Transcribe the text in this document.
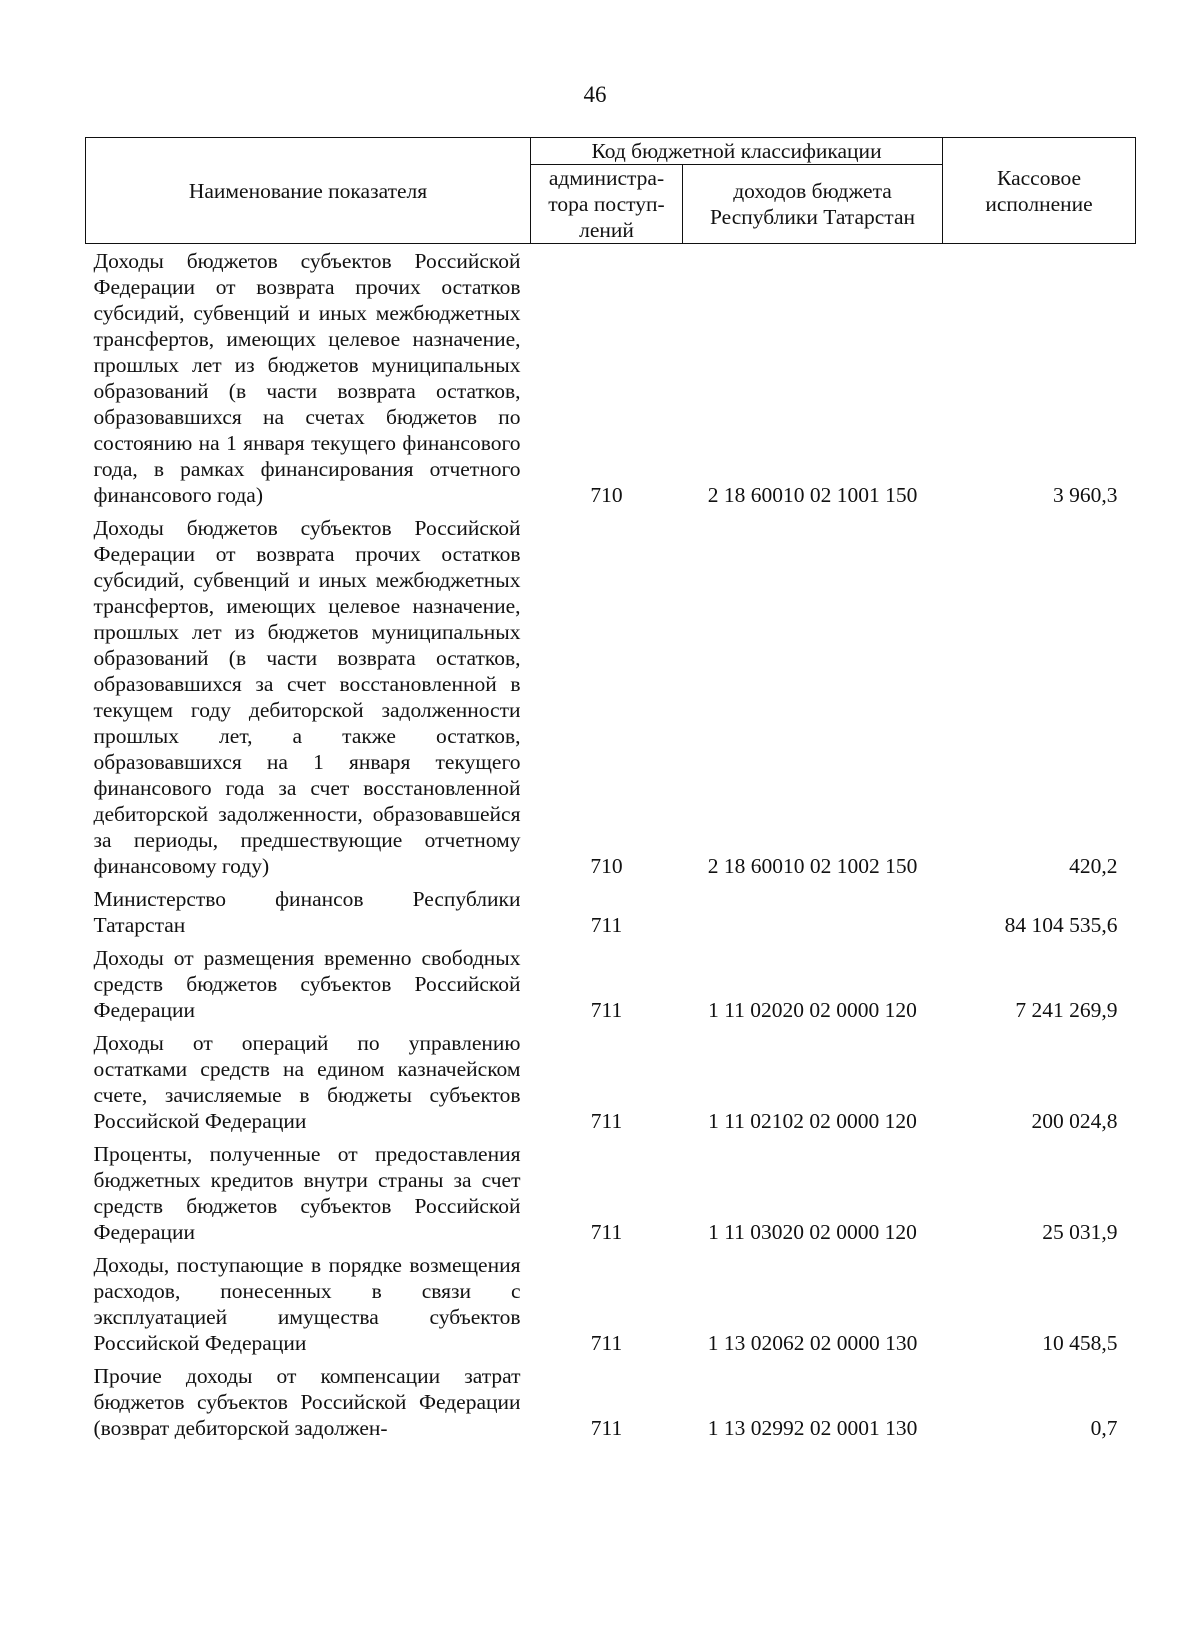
46
Наименование показателя	Код бюджетной классификации		Кассовое исполнение
	администра-тора поступ-лений	доходов бюджета Республики Татарстан	
Доходы бюджетов субъектов Российской Федерации от возврата прочих остатков субсидий, субвенций и иных межбюджетных трансфертов, имеющих целевое назначение, прошлых лет из бюджетов муниципальных образований (в части возврата остатков, образовавшихся на счетах бюджетов по состоянию на 1 января текущего финансового года, в рамках финансирования отчетного финансового года)	710	2 18 60010 02 1001 150	3 960,3
Доходы бюджетов субъектов Российской Федерации от возврата прочих остатков субсидий, субвенций и иных межбюджетных трансфертов, имеющих целевое назначение, прошлых лет из бюджетов муниципальных образований (в части возврата остатков, образовавшихся за счет восстановленной в текущем году дебиторской задолженности прошлых лет, а также остатков, образовавшихся на 1 января текущего финансового года за счет восстановленной дебиторской задолженности, образовавшейся за периоды, предшествующие отчетному финансовому году)	710	2 18 60010 02 1002 150	420,2
Министерство финансов Республики Татарстан	711		84 104 535,6
Доходы от размещения временно свободных средств бюджетов субъектов Российской Федерации	711	1 11 02020 02 0000 120	7 241 269,9
Доходы от операций по управлению остатками средств на едином казначейском счете, зачисляемые в бюджеты субъектов Российской Федерации	711	1 11 02102 02 0000 120	200 024,8
Проценты, полученные от предоставления бюджетных кредитов внутри страны за счет средств бюджетов субъектов Российской Федерации	711	1 11 03020 02 0000 120	25 031,9
Доходы, поступающие в порядке возмещения расходов, понесенных в связи с эксплуатацией имущества субъектов Российской Федерации	711	1 13 02062 02 0000 130	10 458,5
Прочие доходы от компенсации затрат бюджетов субъектов Российской Федерации (возврат дебиторской задолжен-	711	1 13 02992 02 0001 130	0,7
